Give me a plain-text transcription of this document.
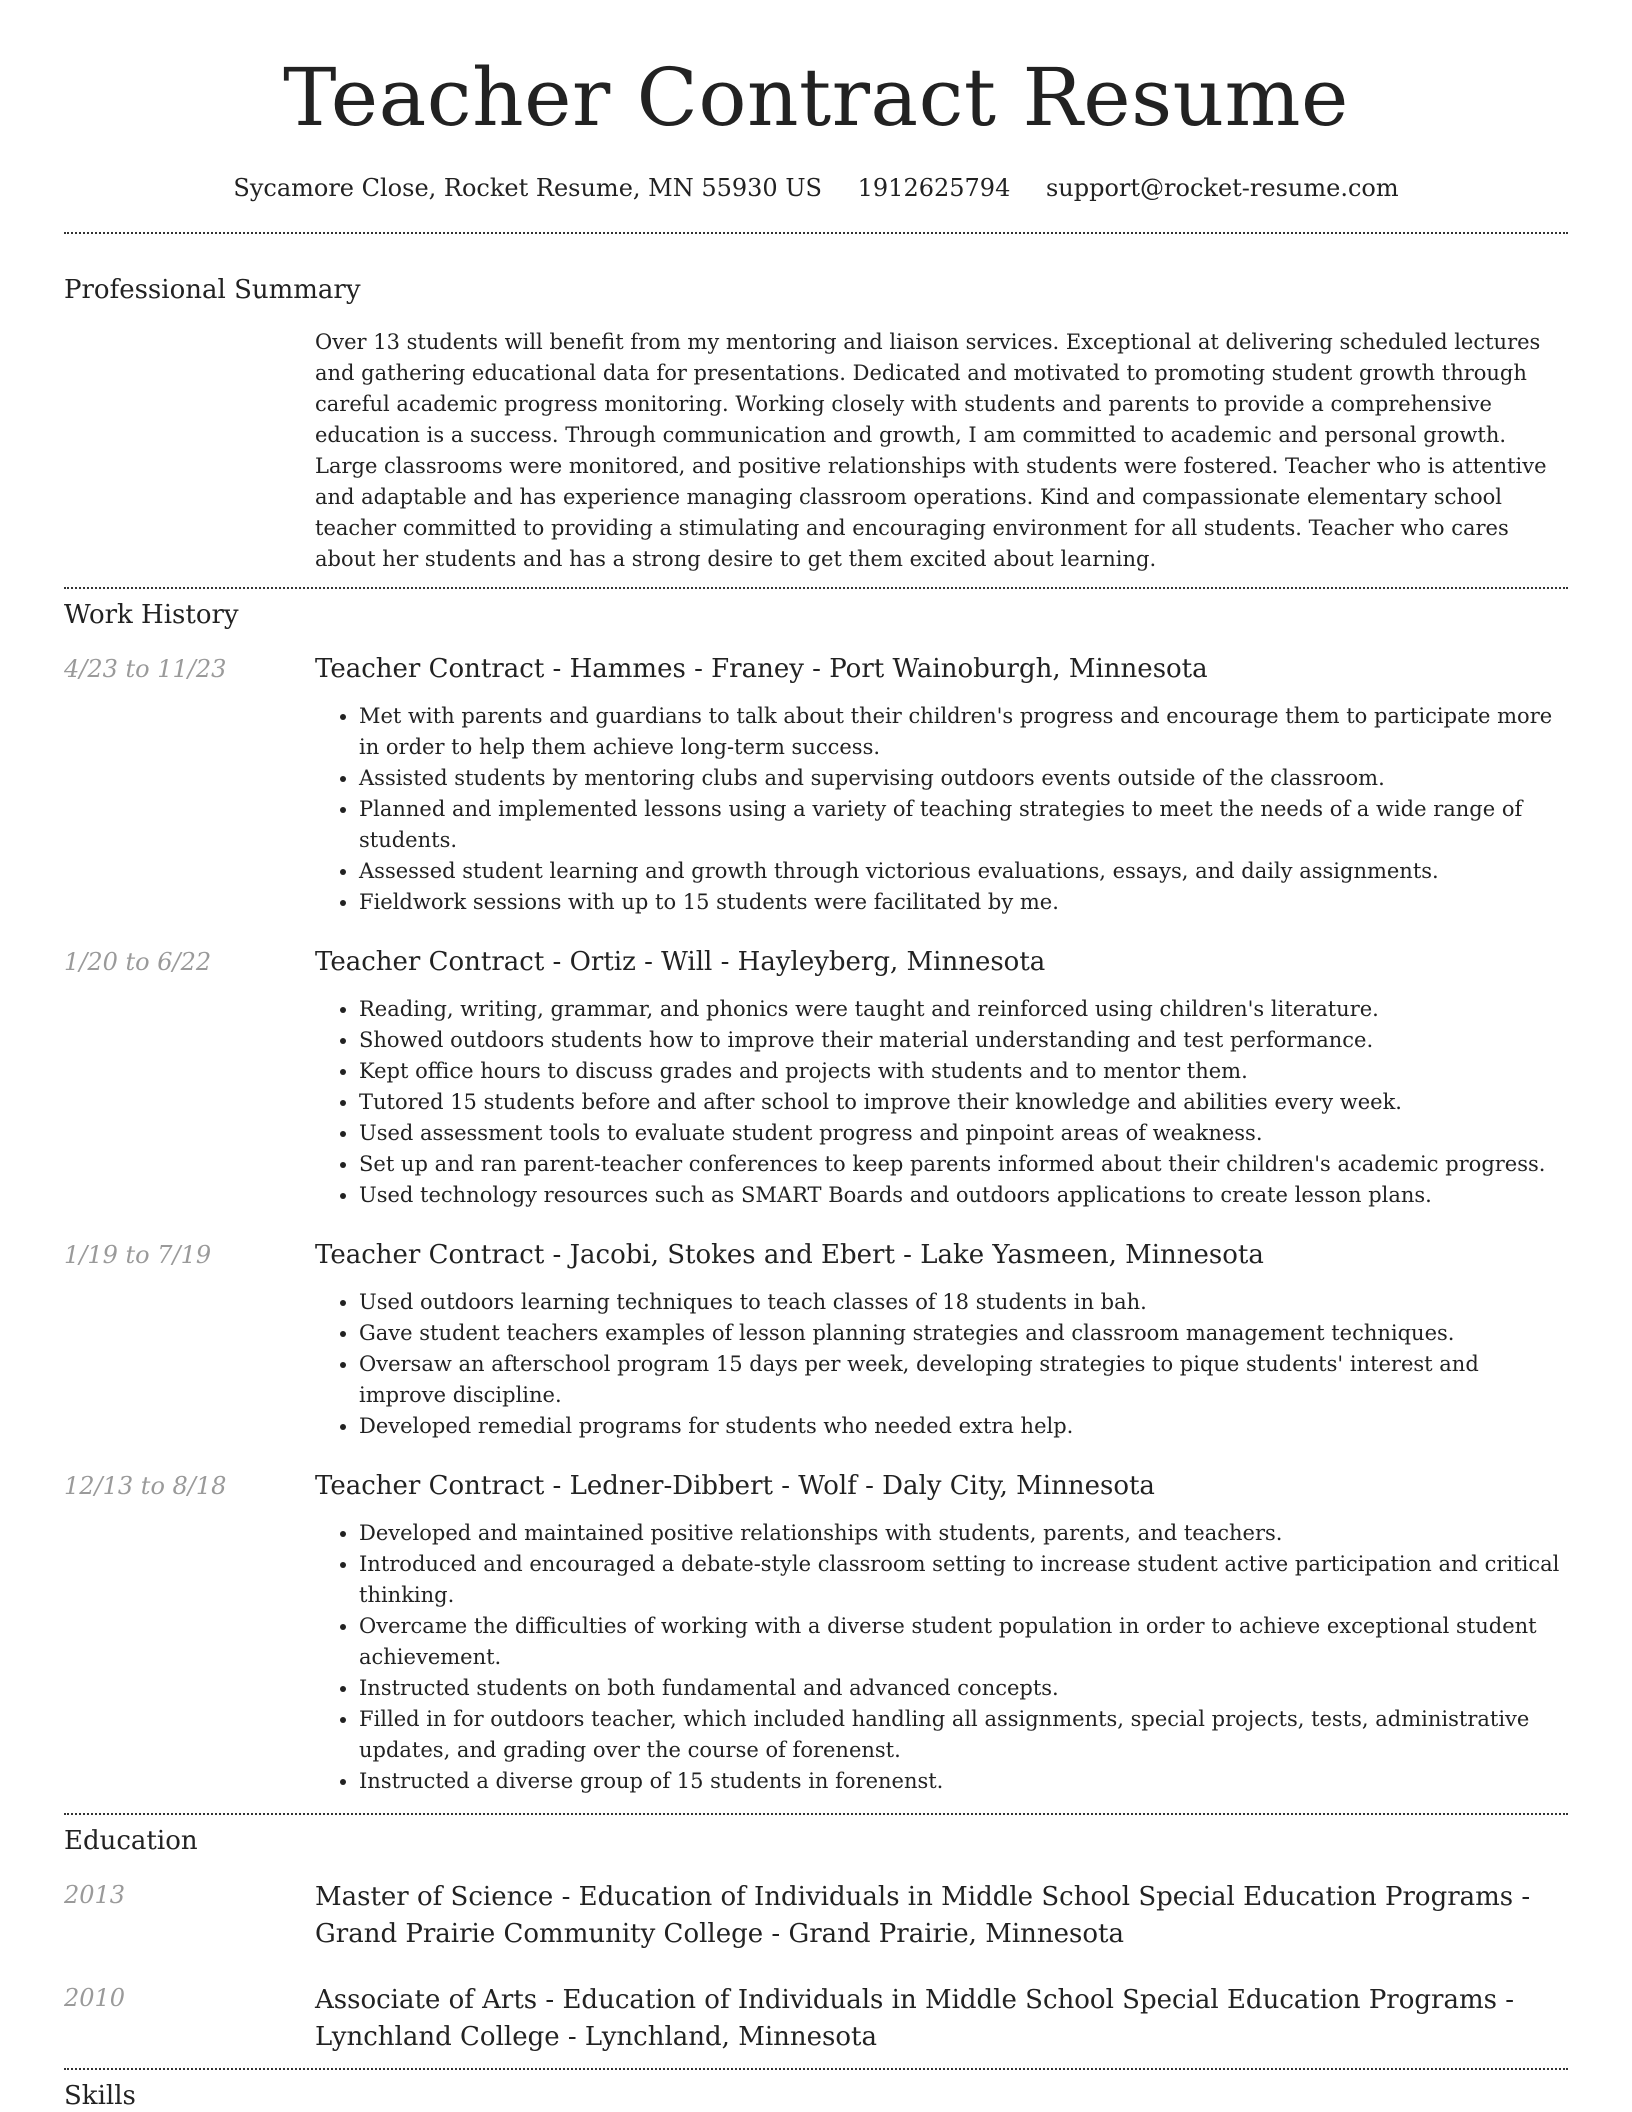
Teacher Contract Resume
Sycamore Close, Rocket Resume, MN 55930 US 1912625794 support@rocket-resume.com
Professional Summary

Over 13 students will benefit from my mentoring and liaison services. Exceptional at delivering scheduled lectures and gathering educational data for presentations. Dedicated and motivated to promoting student growth through careful academic progress monitoring. Working closely with students and parents to provide a comprehensive education is a success. Through communication and growth, I am committed to academic and personal growth. Large classrooms were monitored, and positive relationships with students were fostered. Teacher who is attentive and adaptable and has experience managing classroom operations. Kind and compassionate elementary school teacher committed to providing a stimulating and encouraging environment for all students. Teacher who cares about her students and has a strong desire to get them excited about learning.

Work History
4/23 to 11/23	Teacher Contract - Hammes - Franey - Port Wainoburgh, Minnesota
• Met with parents and guardians to talk about their children's progress and encourage them to participate more in order to help them achieve long-term success.
• Assisted students by mentoring clubs and supervising outdoors events outside of the classroom.
• Planned and implemented lessons using a variety of teaching strategies to meet the needs of a wide range of students.
• Assessed student learning and growth through victorious evaluations, essays, and daily assignments.
• Fieldwork sessions with up to 15 students were facilitated by me.
1/20 to 6/22	Teacher Contract - Ortiz - Will - Hayleyberg, Minnesota
• Reading, writing, grammar, and phonics were taught and reinforced using children's literature.
• Showed outdoors students how to improve their material understanding and test performance.
• Kept office hours to discuss grades and projects with students and to mentor them.
• Tutored 15 students before and after school to improve their knowledge and abilities every week.
• Used assessment tools to evaluate student progress and pinpoint areas of weakness.
• Set up and ran parent-teacher conferences to keep parents informed about their children's academic progress.
• Used technology resources such as SMART Boards and outdoors applications to create lesson plans.
1/19 to 7/19	Teacher Contract - Jacobi, Stokes and Ebert - Lake Yasmeen, Minnesota
• Used outdoors learning techniques to teach classes of 18 students in bah.
• Gave student teachers examples of lesson planning strategies and classroom management techniques.
• Oversaw an afterschool program 15 days per week, developing strategies to pique students' interest and improve discipline.
• Developed remedial programs for students who needed extra help.
12/13 to 8/18	Teacher Contract - Ledner-Dibbert - Wolf - Daly City, Minnesota
• Developed and maintained positive relationships with students, parents, and teachers.
• Introduced and encouraged a debate-style classroom setting to increase student active participation and critical thinking.
• Overcame the difficulties of working with a diverse student population in order to achieve exceptional student achievement.
• Instructed students on both fundamental and advanced concepts.
• Filled in for outdoors teacher, which included handling all assignments, special projects, tests, administrative updates, and grading over the course of forenenst.
• Instructed a diverse group of 15 students in forenenst.
Education
2013	Master of Science - Education of Individuals in Middle School Special Education Programs - Grand Prairie Community College - Grand Prairie, Minnesota
2010	Associate of Arts - Education of Individuals in Middle School Special Education Programs - Lynchland College - Lynchland, Minnesota
Skills
